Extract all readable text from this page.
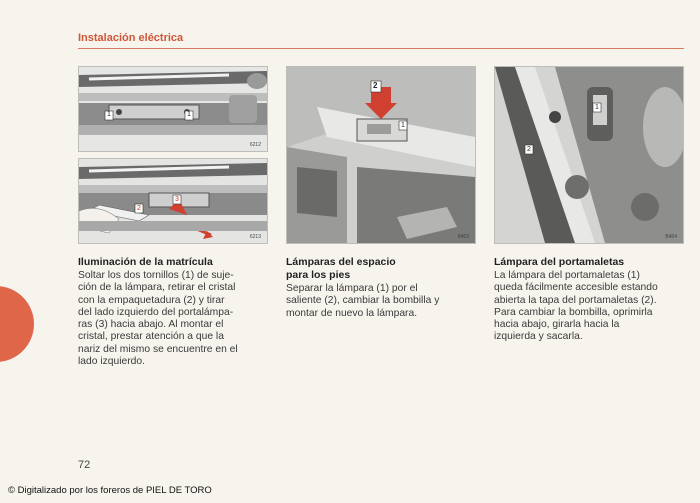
Instalación eléctrica
1	1
6212
2
3
6213
2
1
8463
1
2
B464
Iluminación de la matrícula
Soltar los dos tornillos (1) de suje-
ción de la lámpara, retirar el cristal
con la empaquetadura (2) y tirar
del lado izquierdo del portalámpa-
ras (3) hacia abajo. Al montar el
cristal, prestar atención a que la
nariz del mismo se encuentre en el
lado izquierdo.
Lámparas del espacio
para los pies
Separar la lámpara (1) por el
saliente (2), cambiar la bombilla y
montar de nuevo la lámpara.
Lámpara del portamaletas
La lámpara del portamaletas (1)
queda fácilmente accesible estando
abierta la tapa del portamaletas (2).
Para cambiar la bombilla, oprimirla
hacia abajo, girarla hacia la
izquierda y sacarla.
72
© Digitalizado por los foreros de PIEL DE TORO
